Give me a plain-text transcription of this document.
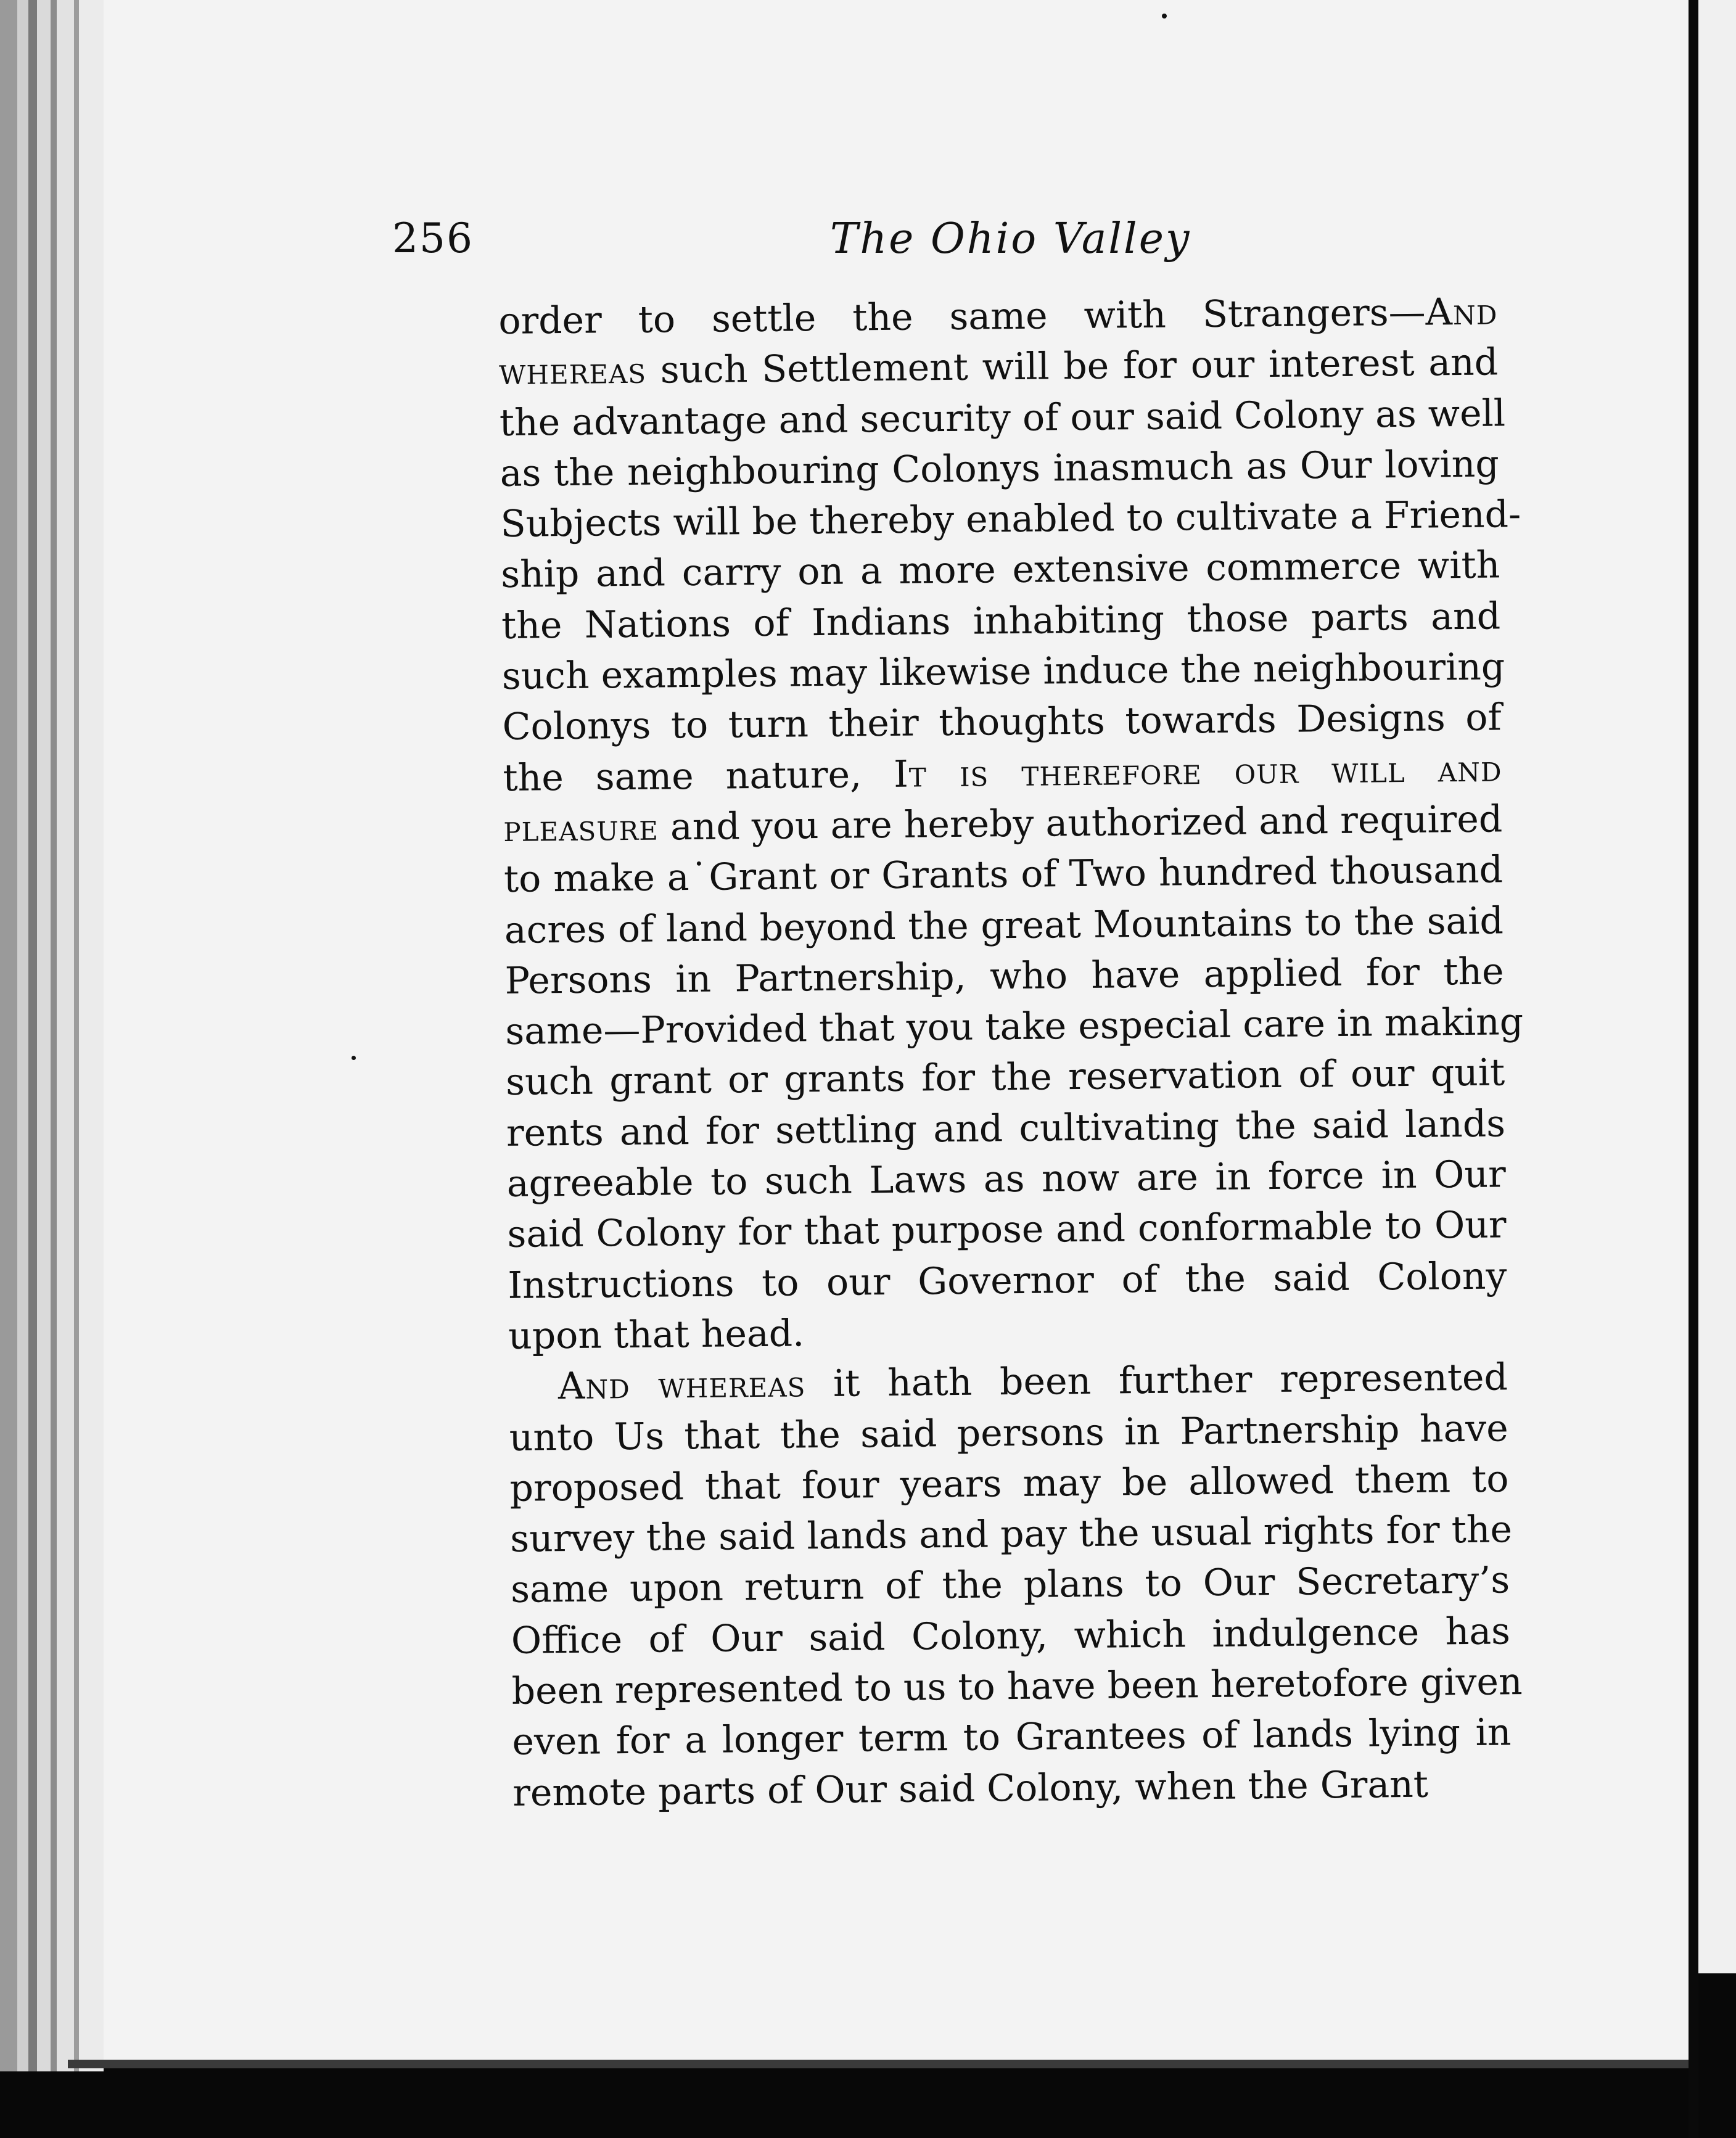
256	The Ohio Valley
order to settle the same with Strangers—And
whereas such Settlement will be for our interest and
the advantage and security of our said Colony as well
as the neighbouring Colonys inasmuch as Our loving
Subjects will be thereby enabled to cultivate a Friend-
ship and carry on a more extensive commerce with
the Nations of Indians inhabiting those parts and
such examples may likewise induce the neighbouring
Colonys to turn their thoughts towards Designs of
the same nature, It is therefore our will and
pleasure and you are hereby authorized and required
to make a˙Grant or Grants of Two hundred thousand
acres of land beyond the great Mountains to the said
Persons in Partnership, who have applied for the
same—Provided that you take especial care in making
such grant or grants for the reservation of our quit
rents and for settling and cultivating the said lands
agreeable to such Laws as now are in force in Our
said Colony for that purpose and conformable to Our
Instructions to our Governor of the said Colony
upon that head.
And whereas it hath been further represented
unto Us that the said persons in Partnership have
proposed that four years may be allowed them to
survey the said lands and pay the usual rights for the
same upon return of the plans to Our Secretary’s
Office of Our said Colony, which indulgence has
been represented to us to have been heretofore given
even for a longer term to Grantees of lands lying in
remote parts of Our said Colony, when the Grant
